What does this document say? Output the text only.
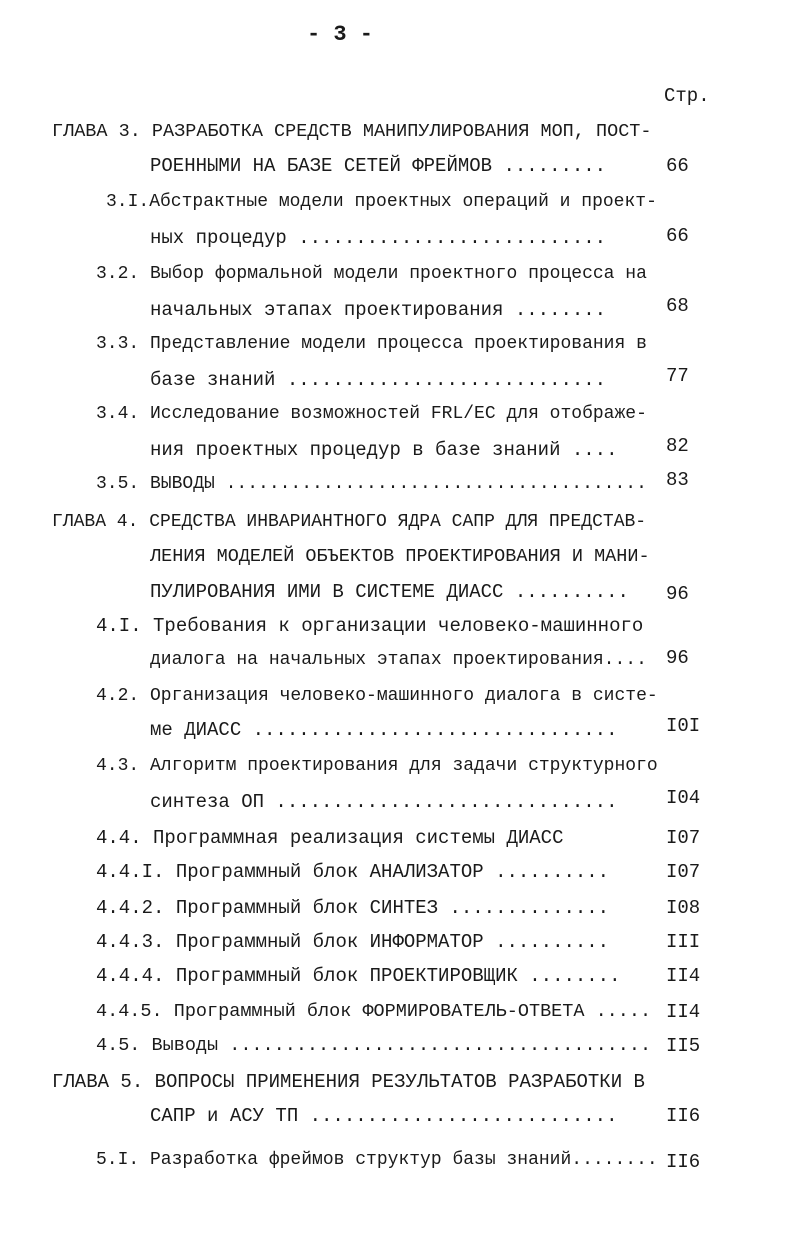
- 3 -
Стр.
ГЛАВА 3. РАЗРАБОТКА СРЕДСТВ МАНИПУЛИРОВАНИЯ МОП, ПОСТ-
РОЕННЫМИ НА БАЗЕ СЕТЕЙ ФРЕЙМОВ .........	66
3.I.Абстрактные модели проектных операций и проект-
ных процедур ...........................	66
3.2. Выбор формальной модели проектного процесса на
начальных этапах проектирования ........	68
3.3. Представление модели процесса проектирования в
базе знаний ............................	77
3.4. Исследование возможностей FRL/ЕС для отображе-
ния проектных процедур в базе знаний ....	82
3.5. ВЫВОДЫ ....................................... 83
ГЛАВА 4. СРЕДСТВА ИНВАРИАНТНОГО ЯДРА САПР ДЛЯ ПРЕДСТАВ-
ЛЕНИЯ МОДЕЛЕЙ ОБЪЕКТОВ ПРОЕКТИРОВАНИЯ И МАНИ-
ПУЛИРОВАНИЯ ИМИ В СИСТЕМЕ ДИАСС .......... 96
4.I. Требования к организации человеко-машинного
диалога на начальных этапах проектирования.... 96
4.2. Организация человеко-машинного диалога в систе-
ме ДИАСС ................................	I0I
4.3. Алгоритм проектирования для задачи структурного
синтеза ОП ..............................	I04
4.4. Программная реализация системы ДИАСС	I07
4.4.I. Программный блок АНАЛИЗАТОР ..........	I07
4.4.2. Программный блок СИНТЕЗ ..............	I08
4.4.3. Программный блок ИНФОРМАТОР ..........	III
4.4.4. Программный блок ПРОЕКТИРОВЩИК ........ II4
4.4.5. Программный блок ФОРМИРОВАТЕЛЬ-ОТВЕТА ..... II4
4.5. Выводы ...................................... II5
ГЛАВА 5. ВОПРОСЫ ПРИМЕНЕНИЯ РЕЗУЛЬТАТОВ РАЗРАБОТКИ В
САПР и АСУ ТП ...........................	II6
5.I. Разработка фреймов структур базы знаний........ II6
